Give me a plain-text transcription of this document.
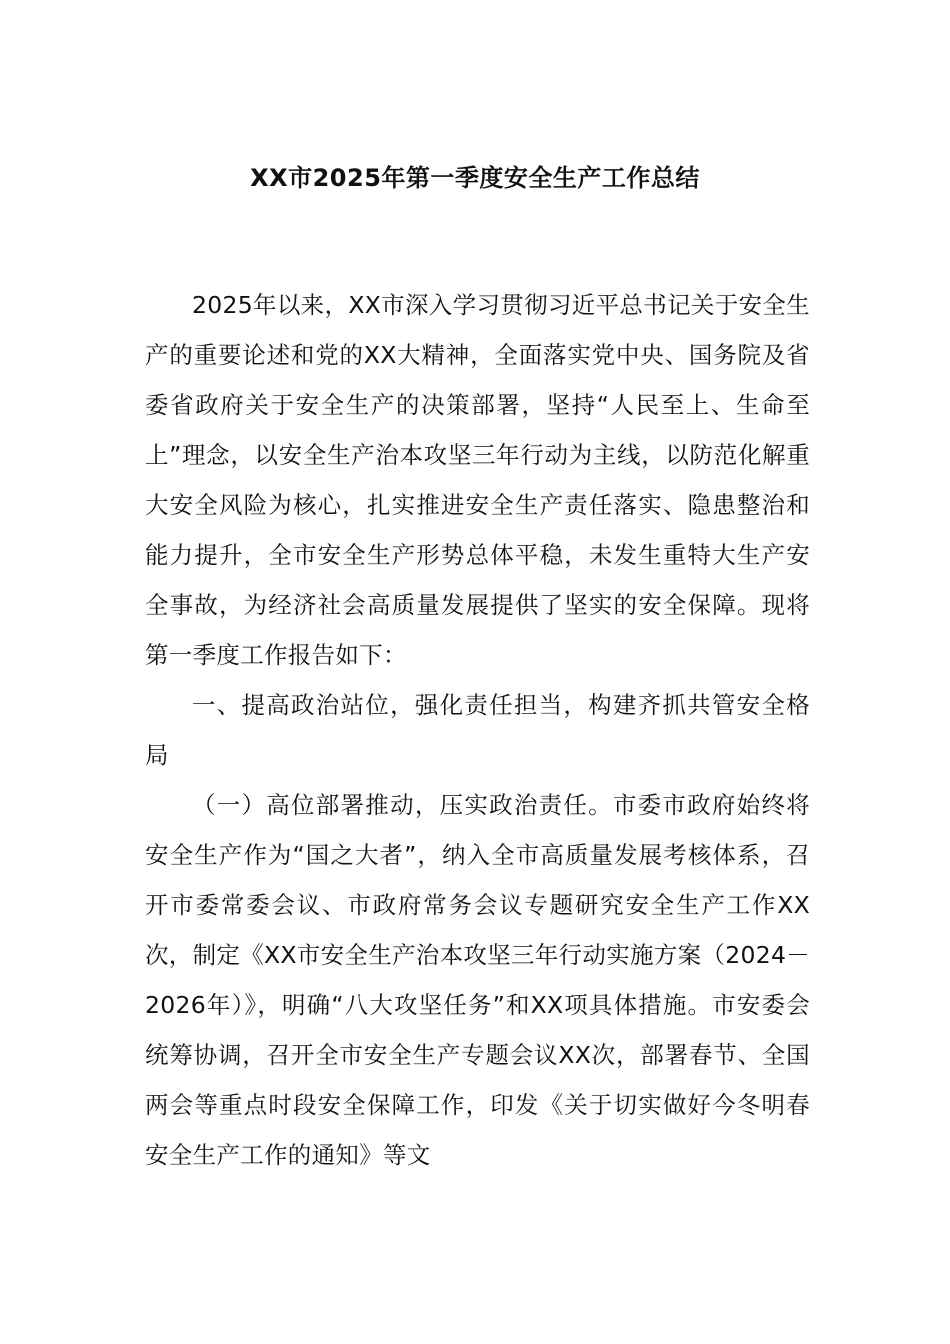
XX市2025年第一季度安全生产工作总结

2025年以来，XX市深入学习贯彻习近平总书记关于安全生产的重要论述和党的XX大精神，全面落实党中央、国务院及省委省政府关于安全生产的决策部署，坚持“人民至上、生命至上”理念，以安全生产治本攻坚三年行动为主线，以防范化解重大安全风险为核心，扎实推进安全生产责任落实、隐患整治和能力提升，全市安全生产形势总体平稳，未发生重特大生产安全事故，为经济社会高质量发展提供了坚实的安全保障。现将第一季度工作报告如下：

一、提高政治站位，强化责任担当，构建齐抓共管安全格局

（一）高位部署推动，压实政治责任。市委市政府始终将安全生产作为“国之大者”，纳入全市高质量发展考核体系，召开市委常委会议、市政府常务会议专题研究安全生产工作XX次，制定《XX市安全生产治本攻坚三年行动实施方案（2024－2026年）》，明确“八大攻坚任务”和XX项具体措施。市安委会统筹协调，召开全市安全生产专题会议XX次，部署春节、全国两会等重点时段安全保障工作，印发《关于切实做好今冬明春安全生产工作的通知》等文
